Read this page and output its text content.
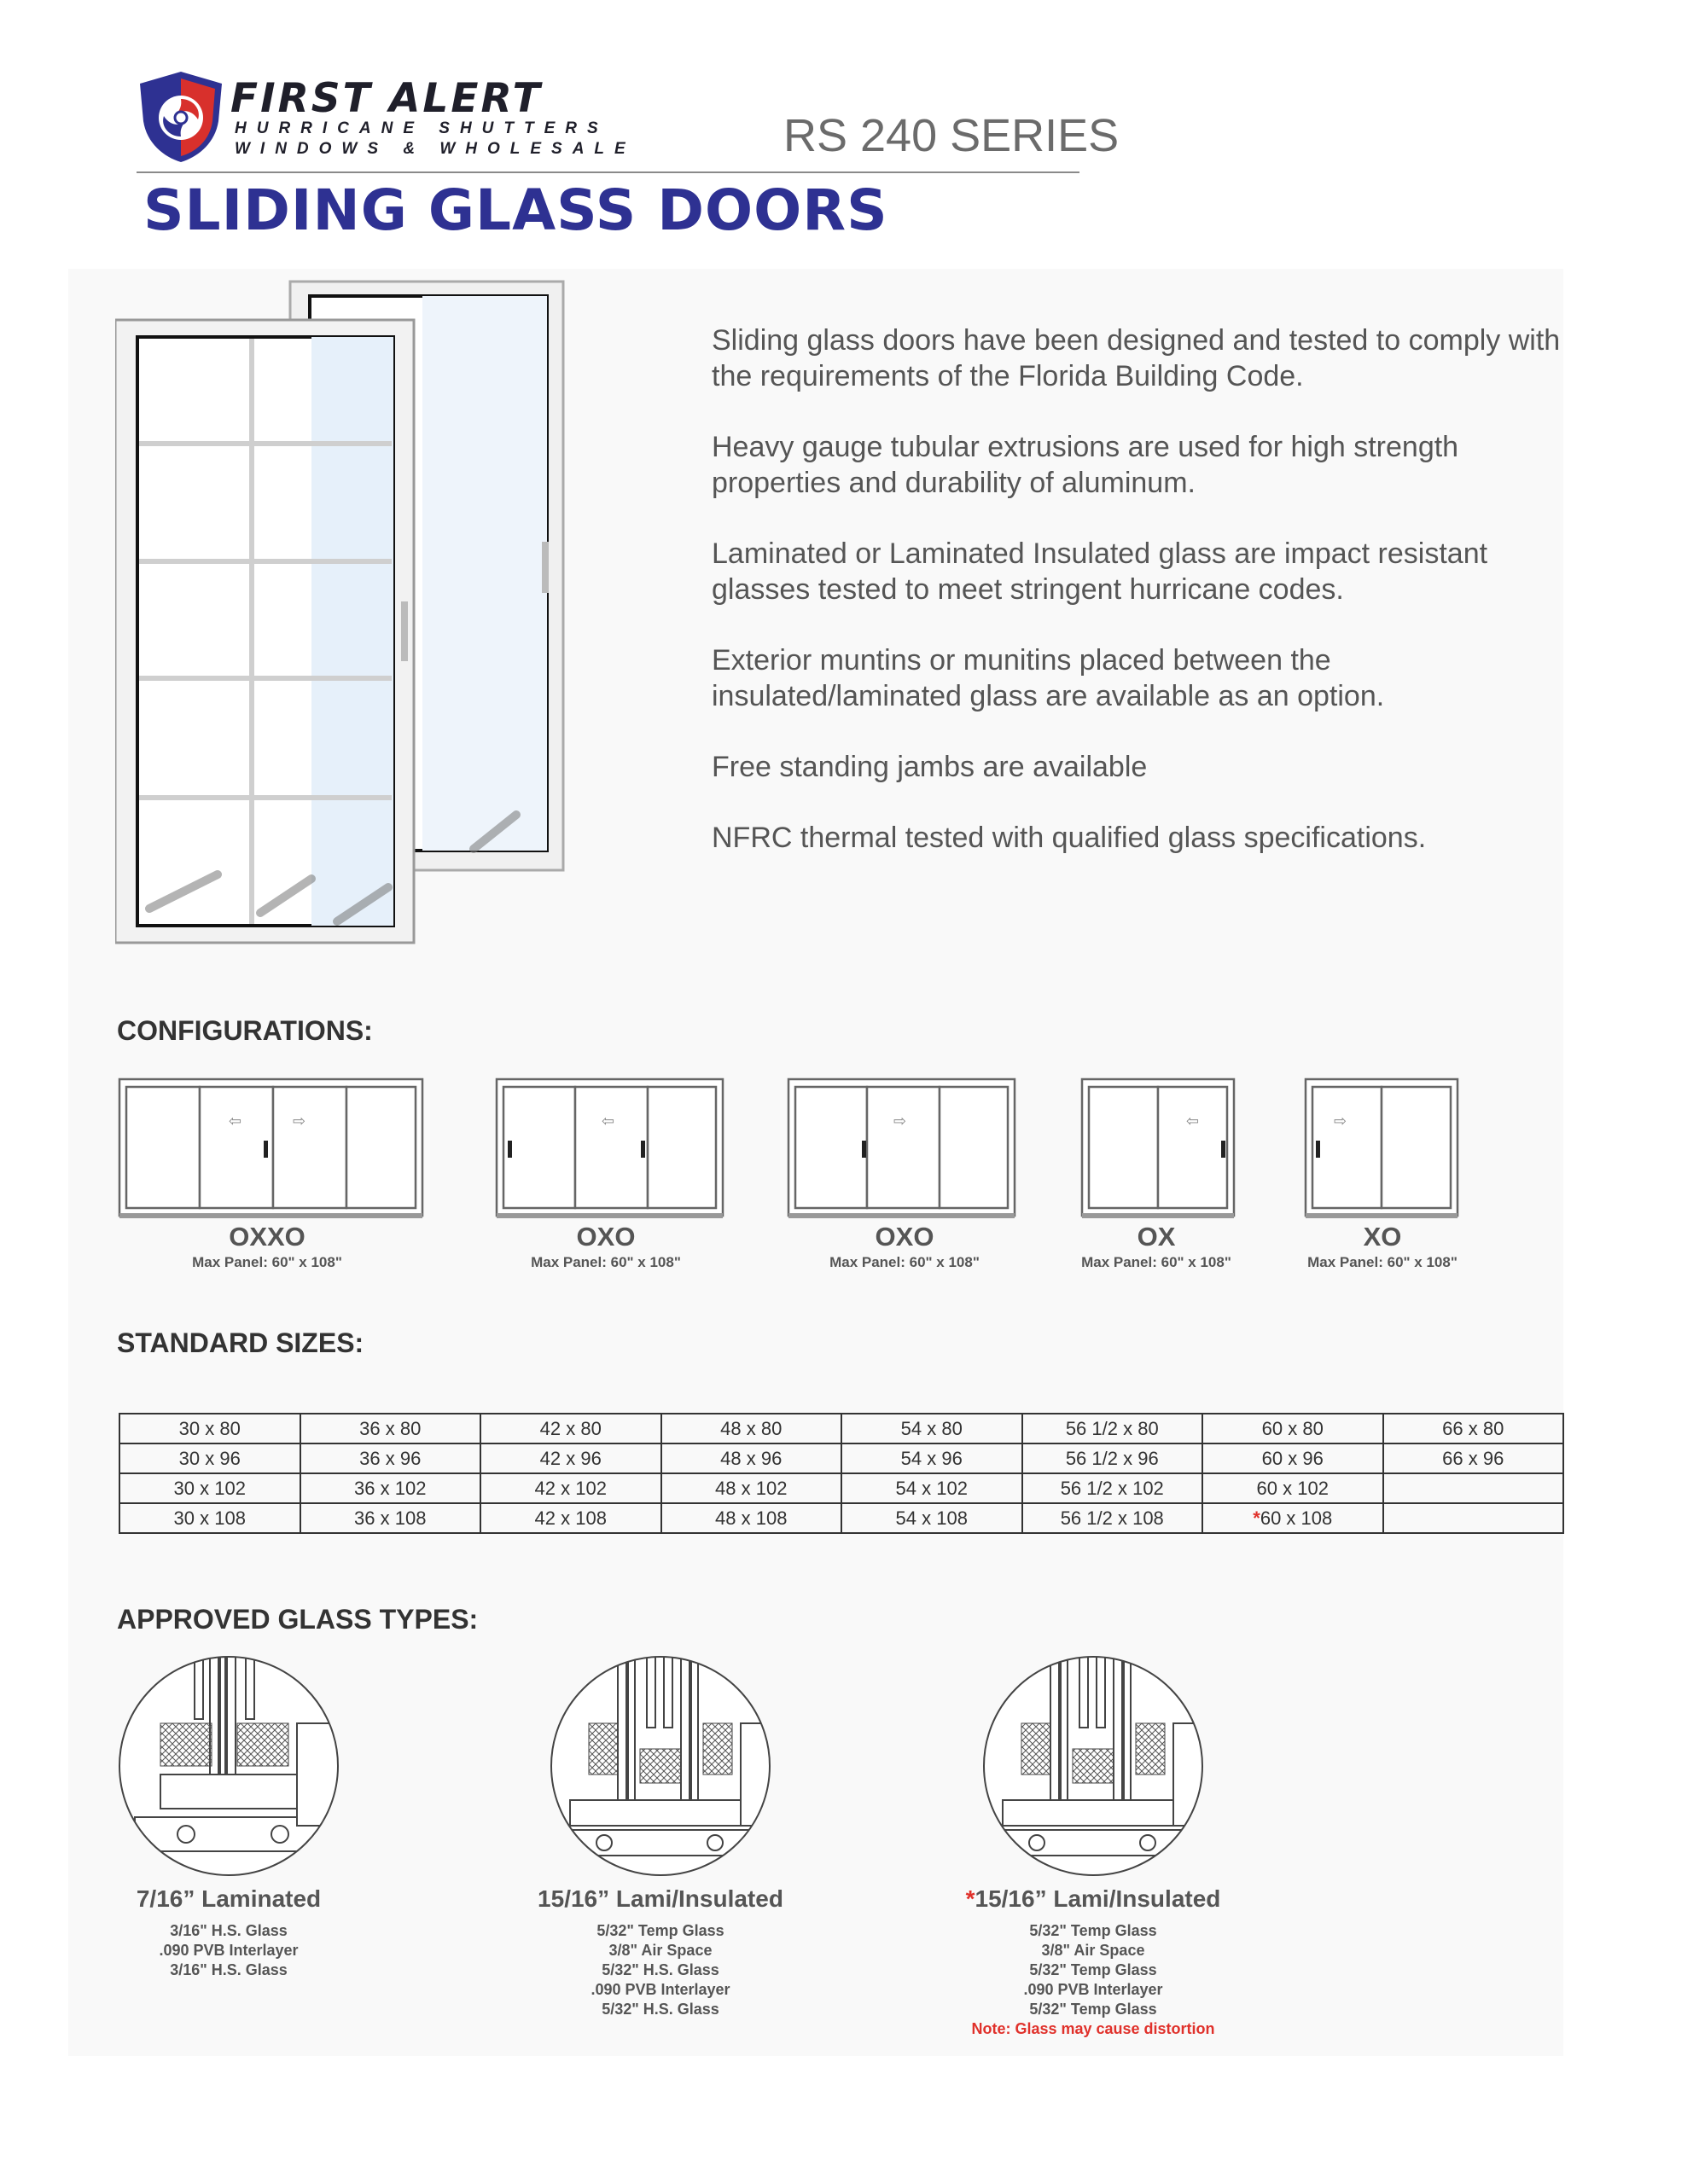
FIRST ALERT
HURRICANE SHUTTERS
WINDOWS & WHOLESALE	RS 240 SERIES
SLIDING GLASS DOORS

Sliding glass doors have been designed and tested to comply with the requirements of the Florida Building Code.

Heavy gauge tubular extrusions are used for high strength properties and durability of aluminum.

Laminated or Laminated Insulated glass are impact resistant glasses tested to meet stringent hurricane codes.

Exterior muntins or munitins placed between the insulated/laminated glass are available as an option.

Free standing jambs are available

NFRC thermal tested with qualified glass specifications.

CONFIGURATIONS:
⇦	⇨	⇦	⇨	⇦	⇨
OXXO
Max Panel: 60" x 108"
OXO
Max Panel: 60" x 108"
OXO
Max Panel: 60" x 108"
OX
Max Panel: 60" x 108"
XO
Max Panel: 60" x 108"
STANDARD SIZES:
30 x 80	36 x 80	42 x 80	48 x 80	54 x 80	56 1/2 x 80	60 x 80	66 x 80
30 x 96	36 x 96	42 x 96	48 x 96	54 x 96	56 1/2 x 96	60 x 96	66 x 96
30 x 102	36 x 102	42 x 102	48 x 102	54 x 102	56 1/2 x 102	60 x 102	
30 x 108	36 x 108	42 x 108	48 x 108	54 x 108	56 1/2 x 108	*60 x 108	
APPROVED GLASS TYPES:
7/16” Laminated
3/16" H.S. Glass
.090 PVB Interlayer
3/16" H.S. Glass
15/16” Lami/Insulated
5/32" Temp Glass
3/8" Air Space
5/32" H.S. Glass
.090 PVB Interlayer
5/32" H.S. Glass
*15/16” Lami/Insulated
5/32" Temp Glass
3/8" Air Space
5/32" Temp Glass
.090 PVB Interlayer
5/32" Temp Glass
Note: Glass may cause distortion
